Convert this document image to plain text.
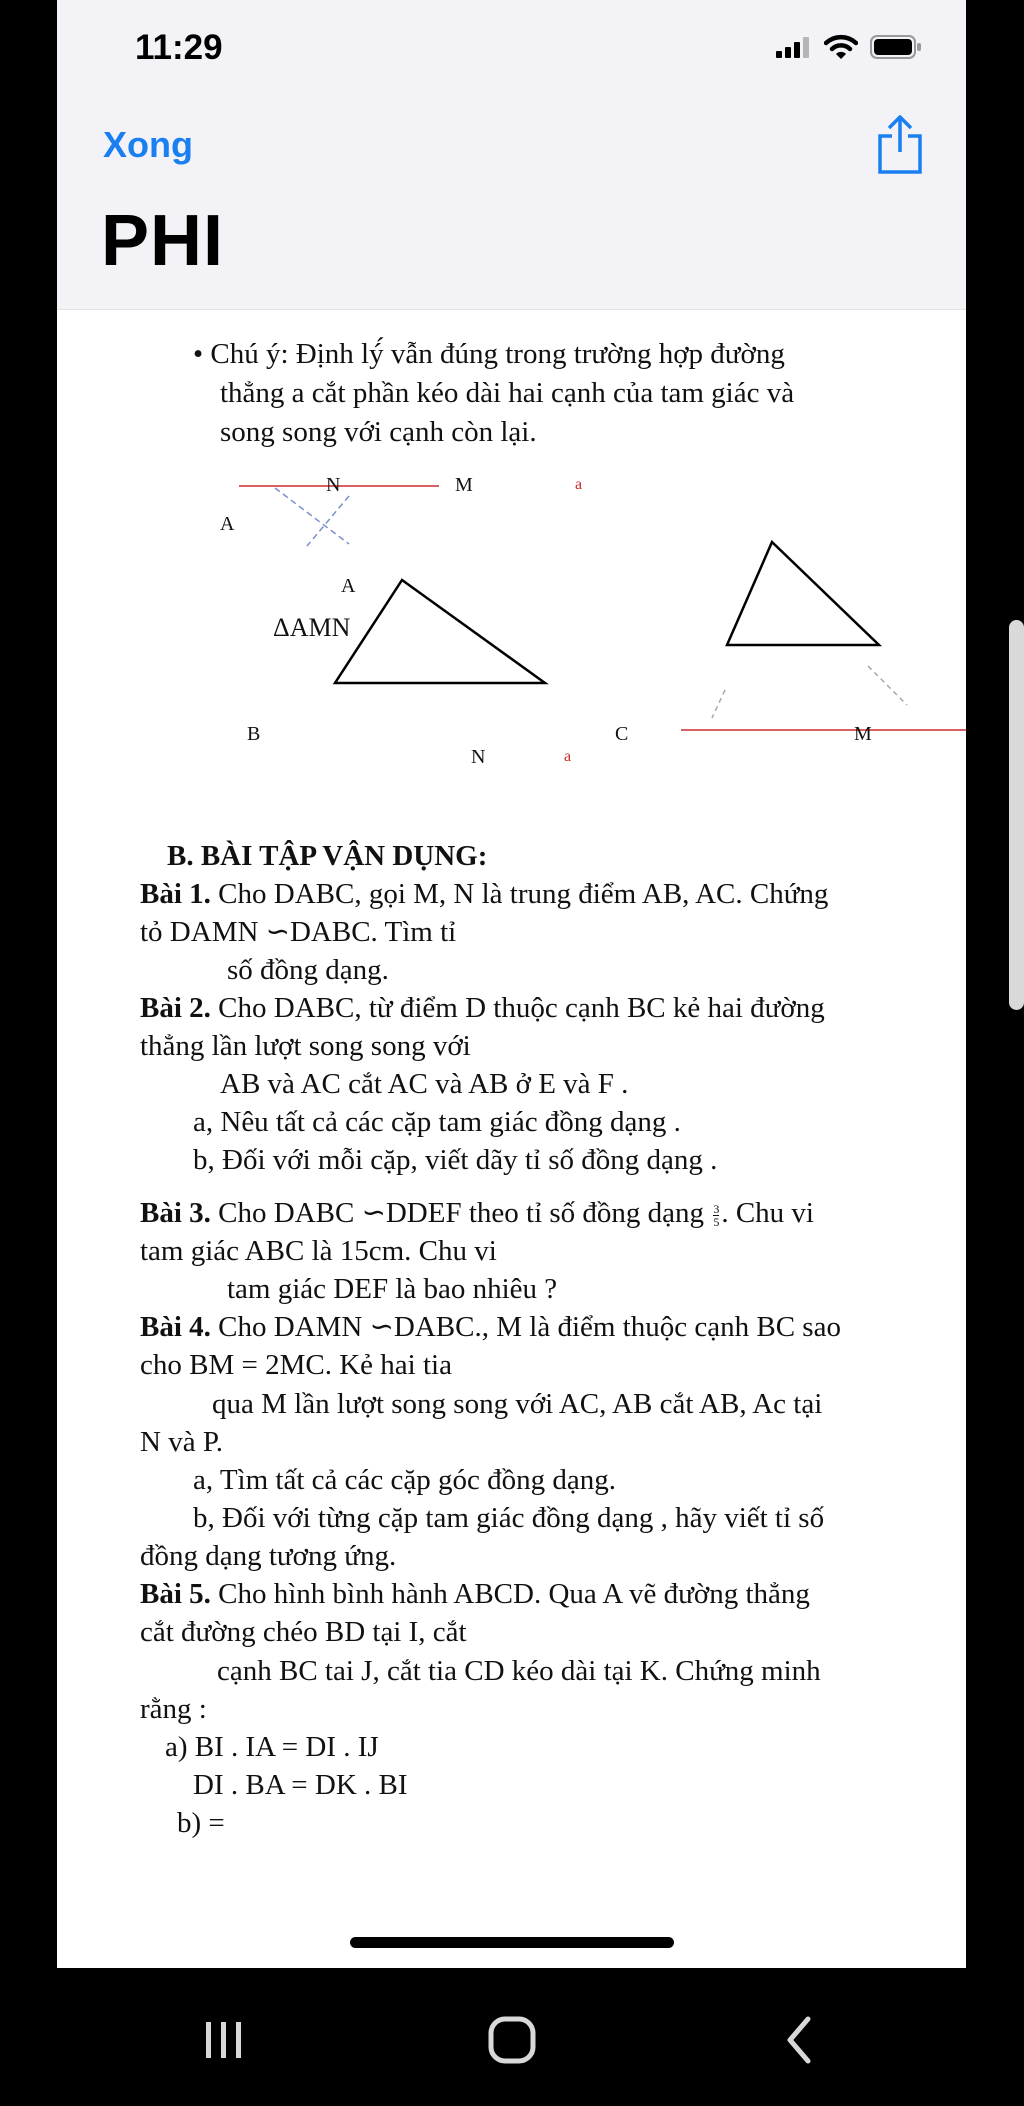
11:29
Xong
PHI
• Chú ý: Định lý́ vẫn đúng trong trường hợp đường
thẳng a cắt phần kéo dài hai cạnh của tam giác và
song song với cạnh còn lại.
N	M	a
A
A
ΔAMN
B	C	M
N	a
B. BÀI TẬP VẬN DỤNG:
Bài 1. Cho DABC, gọi M, N là trung điểm AB, AC. Chứng
tỏ DAMN ∽DABC. Tìm tỉ
số đồng dạng.
Bài 2. Cho DABC, từ điểm D thuộc cạnh BC kẻ hai đường
thẳng lần lượt song song với
AB và AC cắt AC và AB ở E và F .
a, Nêu tất cả các cặp tam giác đồng dạng .
b, Đối với mỗi cặp, viết dãy tỉ số đồng dạng .
Bài 3. Cho DABC ∽DDEF theo tỉ số đồng dạng $\frac{3}{5}$ . Chu vi
tam giác ABC là 15cm. Chu vi
tam giác DEF là bao nhiêu ?
Bài 4. Cho DAMN ∽DABC., M là điểm thuộc cạnh BC sao
cho BM = 2MC. Kẻ hai tia
qua M lần lượt song song với AC, AB cắt AB, Ac tại
N và P.
a, Tìm tất cả các cặp góc đồng dạng.
b, Đối với từng cặp tam giác đồng dạng , hãy viết tỉ số
đồng dạng tương ứng.
Bài 5. Cho hình bình hành ABCD. Qua A vẽ đường thẳng
cắt đường chéo BD tại I, cắt
cạnh BC tai J, cắt tia CD kéo dài tại K. Chứng minh
rằng :
a) BI . IA = DI . IJ
DI . BA = DK . BI
b) =
